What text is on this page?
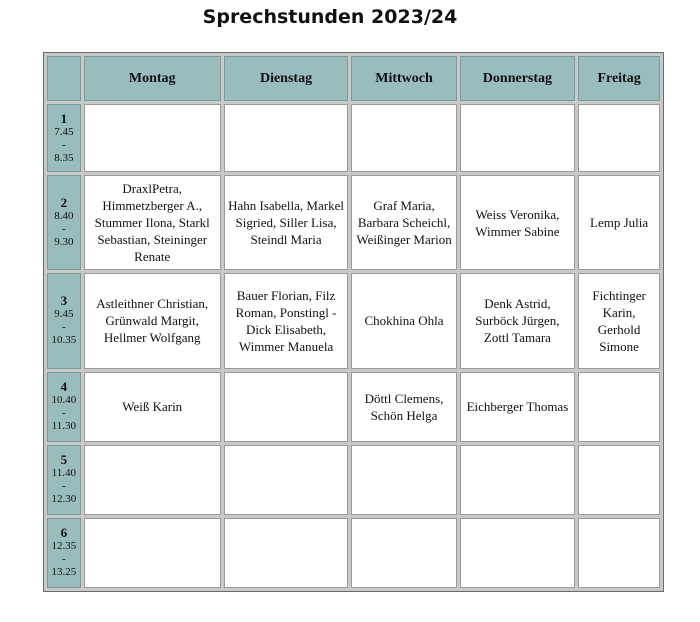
Sprechstunden 2023/24
	Montag	Dienstag	Mittwoch	Donnerstag	Freitag

1
7.45
-
8.35					

2
8.40
-
9.30	DraxlPetra, Himmetzberger A., Stummer Ilona, Starkl Sebastian, Steininger Renate	Hahn Isabella, Markel Sigried, Siller Lisa, Steindl Maria	Graf Maria, Barbara Scheichl, Weißinger Marion	Weiss Veronika, Wimmer Sabine	Lemp Julia

3
9.45
-
10.35	Astleithner Christian, Grünwald Margit, Hellmer Wolfgang	Bauer Florian, Filz Roman, Ponstingl -Dick Elisabeth, Wimmer Manuela	Chokhina Ohla	Denk Astrid, Surböck Jürgen, Zottl Tamara	Fichtinger Karin, Gerhold Simone

4
10.40
-
11.30	Weiß Karin		Döttl Clemens, Schön Helga	Eichberger Thomas	

5
11.40
-
12.30					

6
12.35
-
13.25					
